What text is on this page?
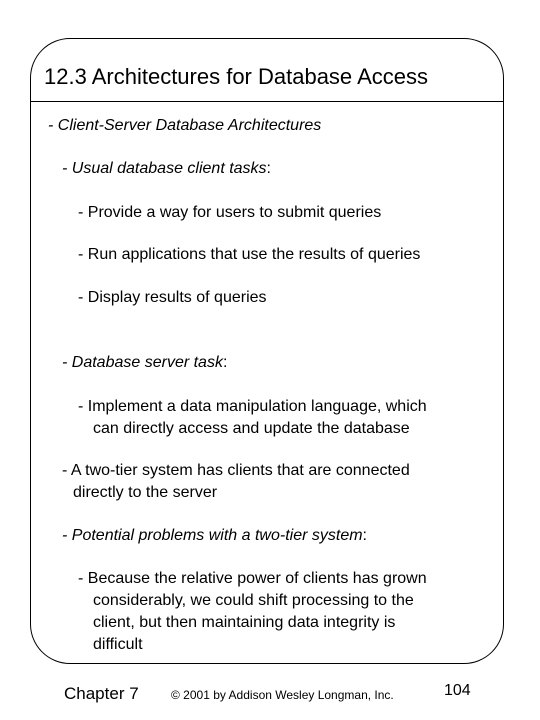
12.3 Architectures for Database Access
- Client-Server Database Architectures
- Usual database client tasks:
- Provide a way for users to submit queries
- Run applications that use the results of queries
- Display results of queries
- Database server task:
- Implement a data manipulation language, which
can directly access and update the database
- A two-tier system has clients that are connected
directly to the server
- Potential problems with a two-tier system:
- Because the relative power of clients has grown
considerably, we could shift processing to the
client, but then maintaining data integrity is
difficult
Chapter 7	© 2001 by Addison Wesley Longman, Inc.	104
